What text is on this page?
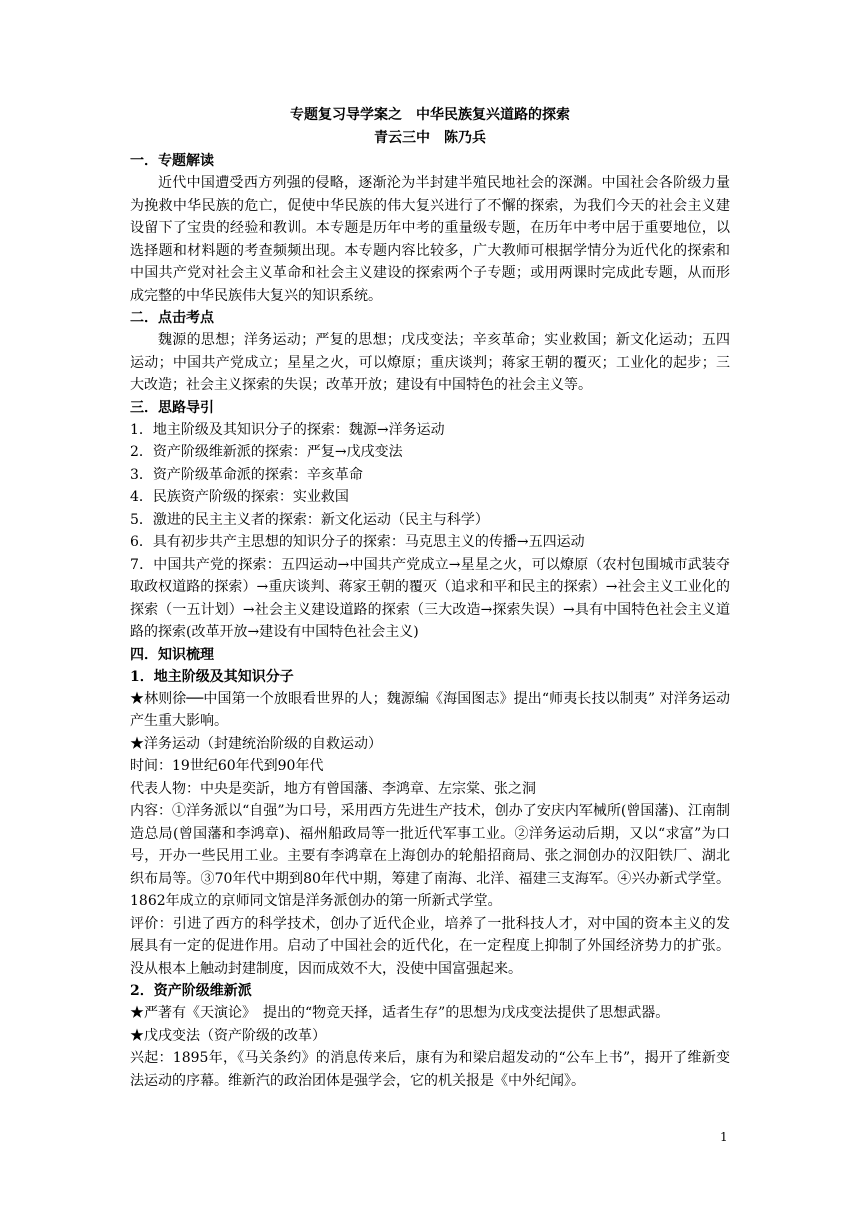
专题复习导学案之　中华民族复兴道路的探索

青云三中　陈乃兵

一．专题解读

近代中国遭受西方列强的侵略，逐渐沦为半封建半殖民地社会的深渊。中国社会各阶级力量为挽救中华民族的危亡，促使中华民族的伟大复兴进行了不懈的探索，为我们今天的社会主义建设留下了宝贵的经验和教训。本专题是历年中考的重量级专题，在历年中考中居于重要地位，以选择题和材料题的考查频频出现。本专题内容比较多，广大教师可根据学情分为近代化的探索和中国共产党对社会主义革命和社会主义建设的探索两个子专题；或用两课时完成此专题，从而形成完整的中华民族伟大复兴的知识系统。

二．点击考点

魏源的思想；洋务运动；严复的思想；戊戌变法；辛亥革命；实业救国；新文化运动；五四运动；中国共产党成立；星星之火，可以燎原；重庆谈判；蒋家王朝的覆灭；工业化的起步；三大改造；社会主义探索的失误；改革开放；建设有中国特色的社会主义等。

三．思路导引

1．地主阶级及其知识分子的探索：魏源→洋务运动

2．资产阶级维新派的探索：严复→戊戌变法

3．资产阶级革命派的探索：辛亥革命

4．民族资产阶级的探索：实业救国

5．激进的民主主义者的探索：新文化运动（民主与科学）

6．具有初步共产主思想的知识分子的探索：马克思主义的传播→五四运动

7．中国共产党的探索：五四运动→中国共产党成立→星星之火，可以燎原（农村包围城市武装夺取政权道路的探索）→重庆谈判、蒋家王朝的覆灭（追求和平和民主的探索）→社会主义工业化的探索（一五计划）→社会主义建设道路的探索（三大改造→探索失误）→具有中国特色社会主义道路的探索(改革开放→建设有中国特色社会主义)

四．知识梳理

1．地主阶级及其知识分子

★林则徐──中国第一个放眼看世界的人；魏源编《海国图志》提出“师夷长技以制夷” 对洋务运动产生重大影响。

★洋务运动（封建统治阶级的自救运动）

时间：19世纪60年代到90年代

代表人物：中央是奕訢，地方有曾国藩、李鸿章、左宗棠、张之洞

内容：①洋务派以“自强”为口号，采用西方先进生产技术，创办了安庆内军械所(曾国藩)、江南制造总局(曾国藩和李鸿章)、福州船政局等一批近代军事工业。②洋务运动后期，又以“求富”为口号，开办一些民用工业。主要有李鸿章在上海创办的轮船招商局、张之洞创办的汉阳铁厂、湖北织布局等。③70年代中期到80年代中期，筹建了南海、北洋、福建三支海军。④兴办新式学堂。1862年成立的京师同文馆是洋务派创办的第一所新式学堂。

评价：引进了西方的科学技术，创办了近代企业，培养了一批科技人才，对中国的资本主义的发展具有一定的促进作用。启动了中国社会的近代化，在一定程度上抑制了外国经济势力的扩张。没从根本上触动封建制度，因而成效不大，没使中国富强起来。

2．资产阶级维新派

★严著有《天演论》　提出的“物竞天择，适者生存”的思想为戊戌变法提供了思想武器。

★戊戌变法（资产阶级的改革）

兴起：1895年，《马关条约》的消息传来后，康有为和梁启超发动的“公车上书”，揭开了维新变法运动的序幕。维新汽的政治团体是强学会，它的机关报是《中外纪闻》。

1
